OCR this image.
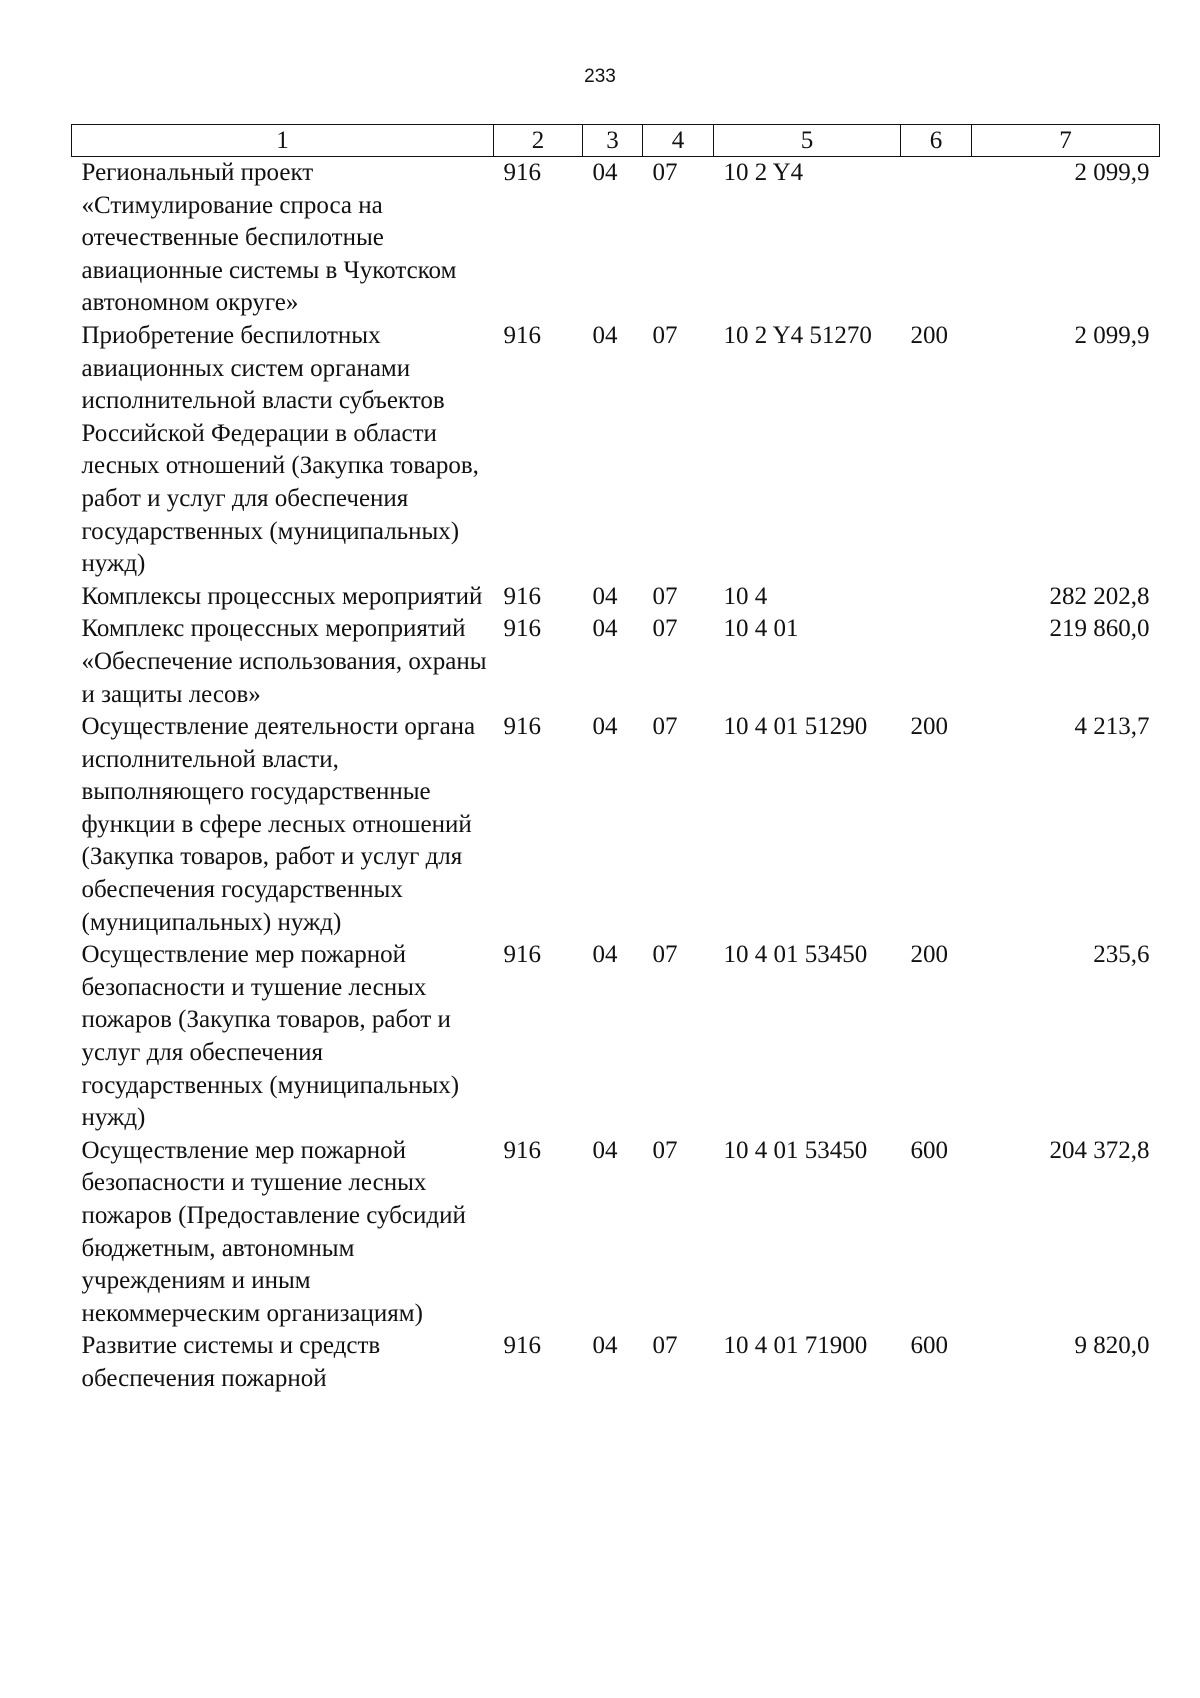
233
1	2	3	4	5	6	7
Региональный проект «Стимулирование спроса на отечественные беспилотные авиационные системы в Чукотском автономном округе»	916	04	07	10 2 Y4		2 099,9
Приобретение беспилотных авиационных систем органами исполнительной власти субъектов Российской Федерации в области лесных отношений (Закупка товаров, работ и услуг для обеспечения государственных (муниципальных) нужд)	916	04	07	10 2 Y4 51270	200	2 099,9
Комплексы процессных мероприятий	916	04	07	10 4		282 202,8
Комплекс процессных мероприятий «Обеспечение использования, охраны и защиты лесов»	916	04	07	10 4 01		219 860,0
Осуществление деятельности органа исполнительной власти, выполняющего государственные функции в сфере лесных отношений (Закупка товаров, работ и услуг для обеспечения государственных (муниципальных) нужд)	916	04	07	10 4 01 51290	200	4 213,7
Осуществление мер пожарной безопасности и тушение лесных пожаров (Закупка товаров, работ и услуг для обеспечения государственных (муниципальных) нужд)	916	04	07	10 4 01 53450	200	235,6
Осуществление мер пожарной безопасности и тушение лесных пожаров (Предоставление субсидий бюджетным, автономным учреждениям и иным некоммерческим организациям)	916	04	07	10 4 01 53450	600	204 372,8
Развитие системы и средств обеспечения пожарной	916	04	07	10 4 01 71900	600	9 820,0
